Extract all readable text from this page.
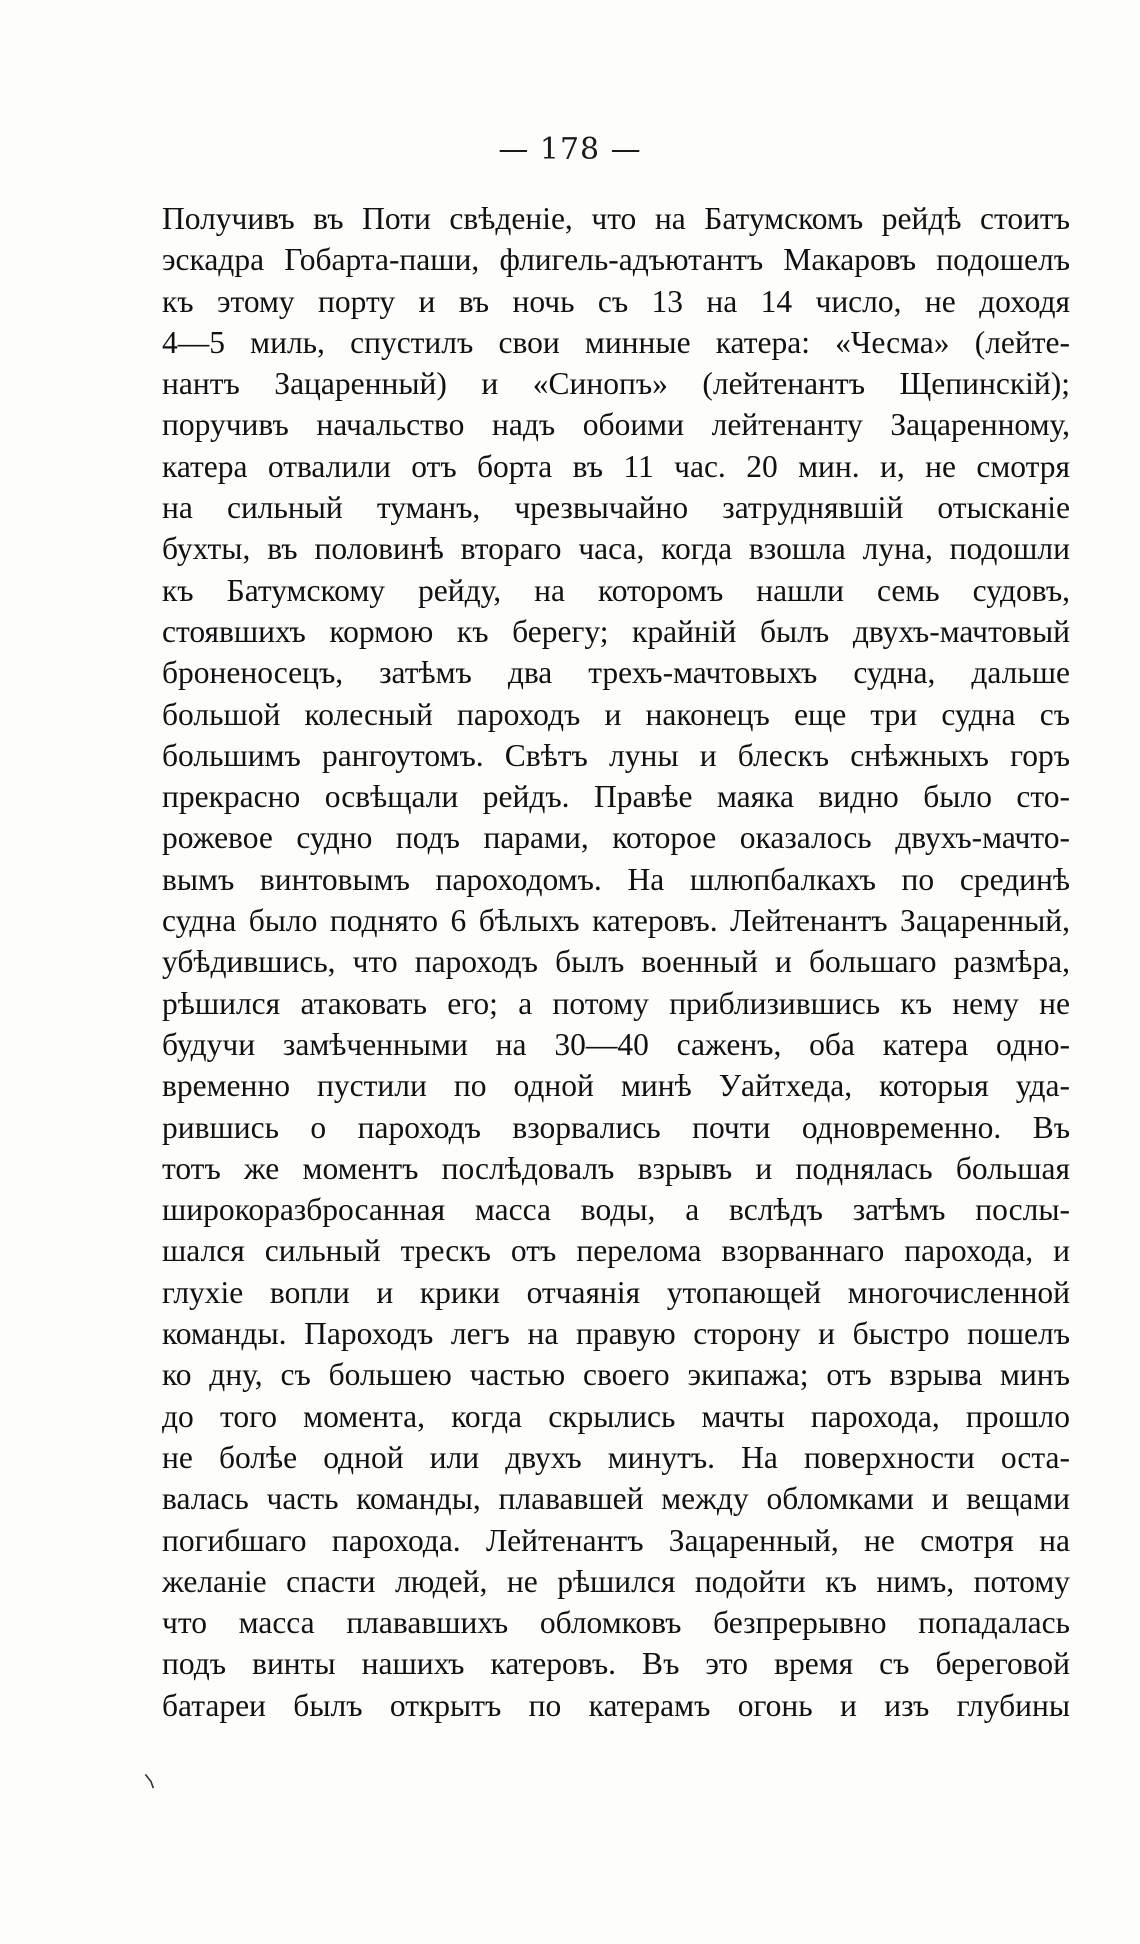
— 178 —
Получивъ въ Поти свѣденіе, что на Батумскомъ рейдѣ стоитъ
эскадра Гобарта-паши, флигель-адъютантъ Макаровъ подошелъ
къ этому порту и въ ночь съ 13 на 14 число, не доходя
4—5 миль, спустилъ свои минные катера: «Чесма» (лейте-
нантъ Зацаренный) и «Синопъ» (лейтенантъ Щепинскій);
поручивъ начальство надъ обоими лейтенанту Зацаренному,
катера отвалили отъ борта въ 11 час. 20 мин. и, не смотря
на сильный туманъ, чрезвычайно затруднявшій отысканіе
бухты, въ половинѣ втораго часа, когда взошла луна, подошли
къ Батумскому рейду, на которомъ нашли семь судовъ,
стоявшихъ кормою къ берегу; крайній былъ двухъ-мачтовый
броненосецъ, затѣмъ два трехъ-мачтовыхъ судна, дальше
большой колесный пароходъ и наконецъ еще три судна съ
большимъ рангоутомъ. Свѣтъ луны и блескъ снѣжныхъ горъ
прекрасно освѣщали рейдъ. Правѣе маяка видно было сто-
рожевое судно подъ парами, которое оказалось двухъ-мачто-
вымъ винтовымъ пароходомъ. На шлюпбалкахъ по срединѣ
судна было поднято 6 бѣлыхъ катеровъ. Лейтенантъ Зацаренный,
убѣдившись, что пароходъ былъ военный и большаго размѣра,
рѣшился атаковать его; а потому приблизившись къ нему не
будучи замѣченными на 30—40 саженъ, оба катера одно-
временно пустили по одной минѣ Уайтхеда, которыя уда-
рившись о пароходъ взорвались почти одновременно. Въ
тотъ же моментъ послѣдовалъ взрывъ и поднялась большая
широкоразбросанная масса воды, а вслѣдъ затѣмъ послы-
шался сильный трескъ отъ перелома взорваннаго парохода, и
глухіе вопли и крики отчаянія утопающей многочисленной
команды. Пароходъ легъ на правую сторону и быстро пошелъ
ко дну, съ большею частью своего экипажа; отъ взрыва минъ
до того момента, когда скрылись мачты парохода, прошло
не болѣе одной или двухъ минутъ. На поверхности оста-
валась часть команды, плававшей между обломками и вещами
погибшаго парохода. Лейтенантъ Зацаренный, не смотря на
желаніе спасти людей, не рѣшился подойти къ нимъ, потому
что масса плававшихъ обломковъ безпрерывно попадалась
подъ винты нашихъ катеровъ. Въ это время съ береговой
батареи былъ открытъ по катерамъ огонь и изъ глубины
